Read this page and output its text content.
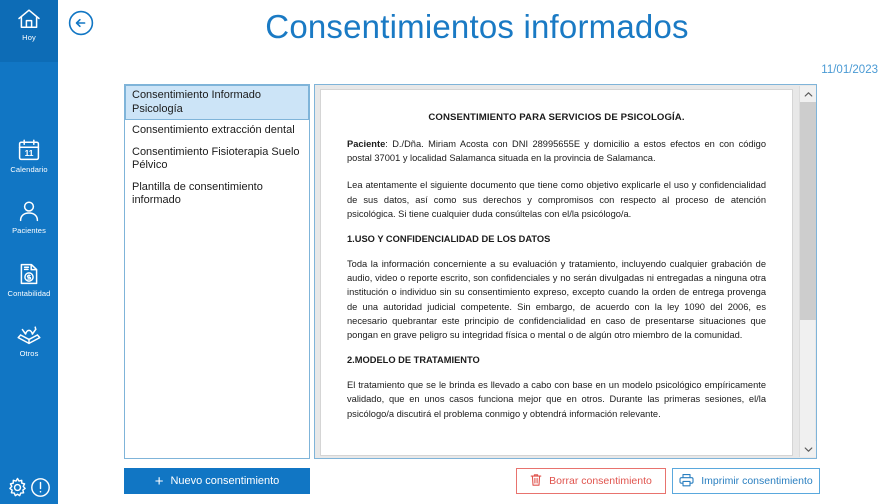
Hoy
11
Calendario
Pacientes
Contabilidad
Otros
Consentimientos informados
11/01/2023
Consentimiento Informado Psicología
Consentimiento extracción dental
Consentimiento Fisioterapia Suelo Pélvico
Plantilla de consentimiento informado
CONSENTIMIENTO PARA SERVICIOS DE PSICOLOGÍA.

Paciente: D./Dña. Miriam Acosta con DNI 28995655E y domicilio a estos efectos en con código postal 37001 y localidad Salamanca situada en la provincia de Salamanca.

Lea atentamente el siguiente documento que tiene como objetivo explicarle el uso y confidencialidad de sus datos, así como sus derechos y compromisos con respecto al proceso de atención psicológica. Si tiene cualquier duda consúltelas con el/la psicólogo/a.

1.USO Y CONFIDENCIALIDAD DE LOS DATOS

Toda la información concerniente a su evaluación y tratamiento, incluyendo cualquier grabación de audio, video o reporte escrito, son confidenciales y no serán divulgadas ni entregadas a ninguna otra institución o individuo sin su consentimiento expreso, excepto cuando la orden de entrega provenga de una autoridad judicial competente. Sin embargo, de acuerdo con la ley 1090 del 2006, es necesario quebrantar este principio de confidencialidad en caso de presentarse situaciones que pongan en grave peligro su integridad física o mental o de algún otro miembro de la comunidad.

2.MODELO DE TRATAMIENTO

El tratamiento que se le brinda es llevado a cabo con base en un modelo psicológico empíricamente validado, que en unos casos funciona mejor que en otros. Durante las primeras sesiones, el/la psicólogo/a discutirá el problema conmigo y obtendrá información relevante.

+ Nuevo consentimiento	Borrar consentimiento	Imprimir consentimiento
